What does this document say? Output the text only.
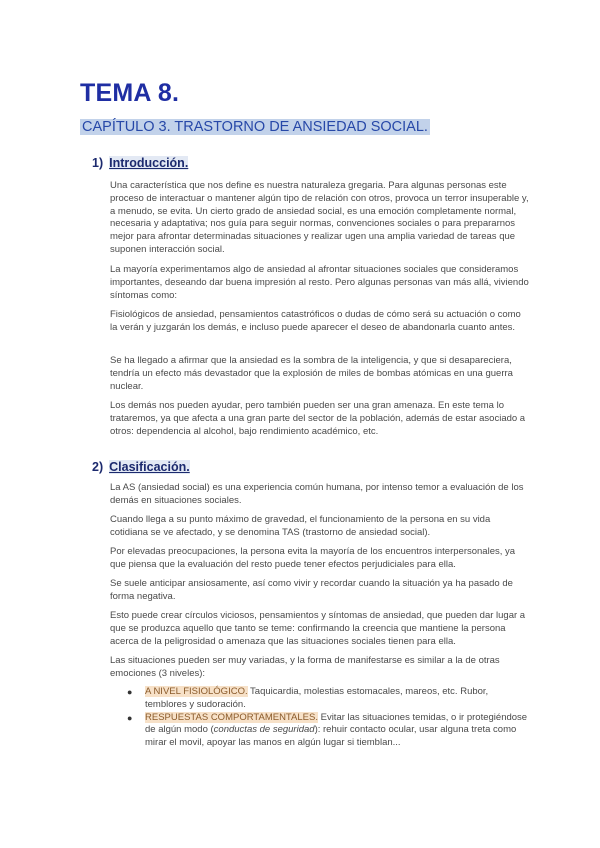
TEMA 8.
CAPÍTULO 3. TRASTORNO DE ANSIEDAD SOCIAL.
1) Introducción.

Una característica que nos define es nuestra naturaleza gregaria. Para algunas personas este proceso de interactuar o mantener algún tipo de relación con otros, provoca un terror insuperable y, a menudo, se evita. Un cierto grado de ansiedad social, es una emoción completamente normal, necesaria y adaptativa; nos guía para seguir normas, convenciones sociales o para prepararnos mejor para afrontar determinadas situaciones y realizar ugen una amplia variedad de tareas que suponen interacción social.

La mayoría experimentamos algo de ansiedad al afrontar situaciones sociales que consideramos importantes, deseando dar buena impresión al resto. Pero algunas personas van más allá, viviendo síntomas como:

Fisiológicos de ansiedad, pensamientos catastróficos o dudas de cómo será su actuación o como la verán y juzgarán los demás, e incluso puede aparecer el deseo de abandonarla cuanto antes.

Se ha llegado a afirmar que la ansiedad es la sombra de la inteligencia, y que si desapareciera, tendría un efecto más devastador que la explosión de miles de bombas atómicas en una guerra nuclear.

Los demás nos pueden ayudar, pero también pueden ser una gran amenaza. En este tema lo trataremos, ya que afecta a una gran parte del sector de la población, además de estar asociado a otros: dependencia al alcohol, bajo rendimiento académico, etc.

2) Clasificación.

La AS (ansiedad social) es una experiencia común humana, por intenso temor a evaluación de los demás en situaciones sociales.

Cuando llega a su punto máximo de gravedad, el funcionamiento de la persona en su vida cotidiana se ve afectado, y se denomina TAS (trastorno de ansiedad social).

Por elevadas preocupaciones, la persona evita la mayoría de los encuentros interpersonales, ya que piensa que la evaluación del resto puede tener efectos perjudiciales para ella.

Se suele anticipar ansiosamente, así como vivir y recordar cuando la situación ya ha pasado de forma negativa.

Esto puede crear círculos viciosos, pensamientos y síntomas de ansiedad, que pueden dar lugar a que se produzca aquello que tanto se teme: confirmando la creencia que mantiene la persona acerca de la peligrosidad o amenaza que las situaciones sociales tienen para ella.

Las situaciones pueden ser muy variadas, y la forma de manifestarse es similar a la de otras emociones (3 niveles):

● A NIVEL FISIOLÓGICO. Taquicardia, molestias estomacales, mareos, etc. Rubor, temblores y sudoración.
● RESPUESTAS COMPORTAMENTALES. Evitar las situaciones temidas, o ir protegiéndose de algún modo (conductas de seguridad): rehuir contacto ocular, usar alguna treta como mirar el movil, apoyar las manos en algún lugar si tiemblan...
